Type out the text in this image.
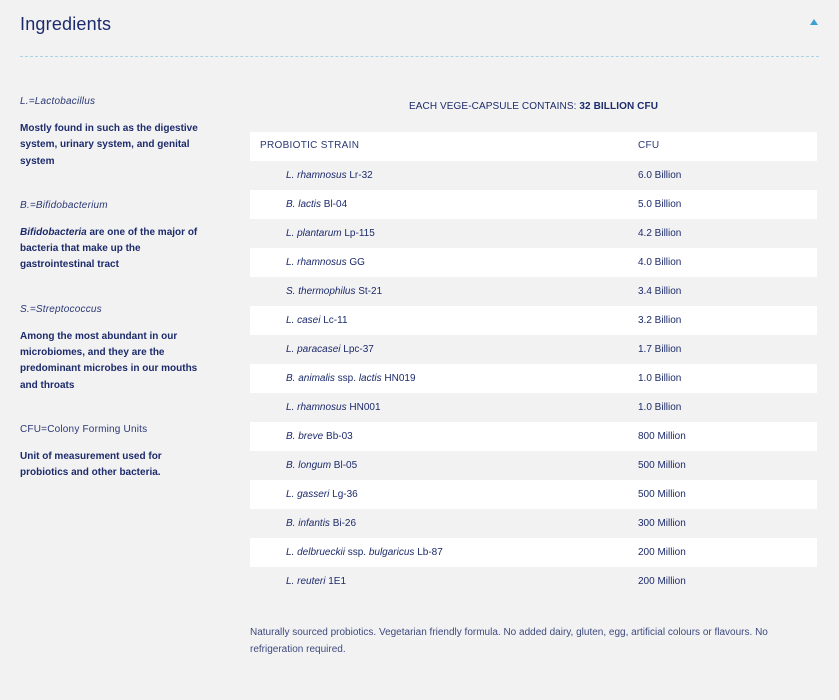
Ingredients
L.=Lactobacillus
Mostly found in such as the digestive system, urinary system, and genital system
B.=Bifidobacterium
Bifidobacteria are one of the major of bacteria that make up the gastrointestinal tract
S.=Streptococcus
Among the most abundant in our microbiomes, and they are the predominant microbes in our mouths and throats
CFU=Colony Forming Units
Unit of measurement used for probiotics and other bacteria.
EACH VEGE-CAPSULE CONTAINS: 32 BILLION CFU
PROBIOTIC STRAIN	CFU
L. rhamnosus Lr-32	6.0 Billion
B. lactis Bl-04	5.0 Billion
L. plantarum Lp-115	4.2 Billion
L. rhamnosus GG	4.0 Billion
S. thermophilus St-21	3.4 Billion
L. casei Lc-11	3.2 Billion
L. paracasei Lpc-37	1.7 Billion
B. animalis ssp. lactis HN019	1.0 Billion
L. rhamnosus HN001	1.0 Billion
B. breve Bb-03	800 Million
B. longum Bl-05	500 Million
L. gasseri Lg-36	500 Million
B. infantis Bi-26	300 Million
L. delbrueckii ssp. bulgaricus Lb-87	200 Million
L. reuteri 1E1	200 Million
Naturally sourced probiotics. Vegetarian friendly formula. No added dairy, gluten, egg, artificial colours or flavours. No refrigeration required.
